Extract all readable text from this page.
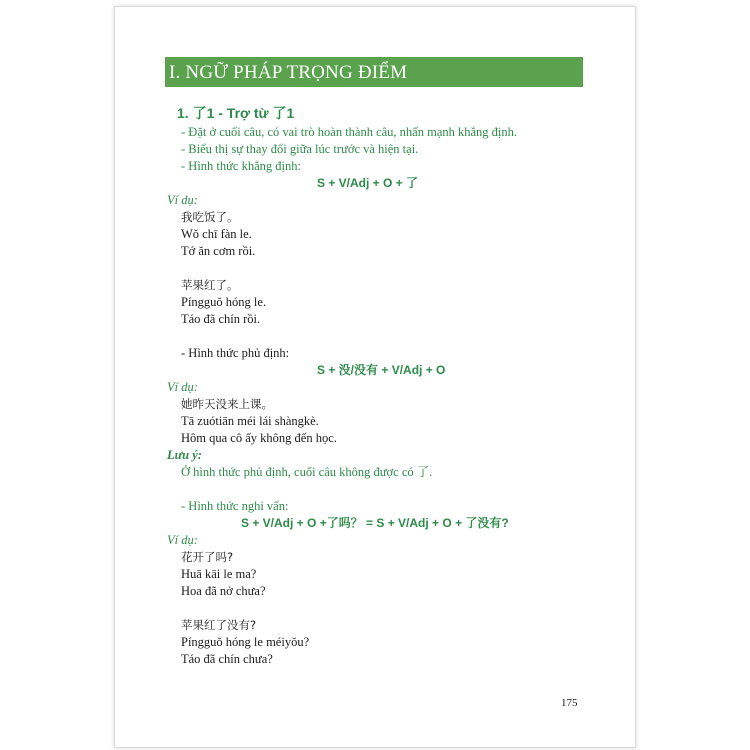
I. NGỮ PHÁP TRỌNG ĐIỂM
1. 了1 - Trợ từ 了1
- Đặt ở cuối câu, có vai trò hoàn thành câu, nhấn mạnh khẳng định.
- Biểu thị sự thay đổi giữa lúc trước và hiện tại.
- Hình thức khẳng định:
S + V/Adj + O + 了
Ví dụ:
我吃饭了。
Wǒ chī fàn le.
Tớ ăn cơm rồi.
苹果红了。
Píngguǒ hóng le.
Táo đã chín rồi.
- Hình thức phủ định:
S + 没/没有 + V/Adj + O
Ví dụ:
她昨天没来上课。
Tā zuótiān méi lái shàngkè.
Hôm qua cô ấy không đến học.
Lưu ý:
Ở hình thức phủ định, cuối câu không được có 了.
- Hình thức nghi vấn:
S + V/Adj + O +了吗？ = S + V/Adj + O + 了没有?
Ví dụ:
花开了吗?
Huā kāi le ma?
Hoa đã nở chưa?
苹果红了没有?
Píngguǒ hóng le méiyǒu?
Táo đã chín chưa?
175
